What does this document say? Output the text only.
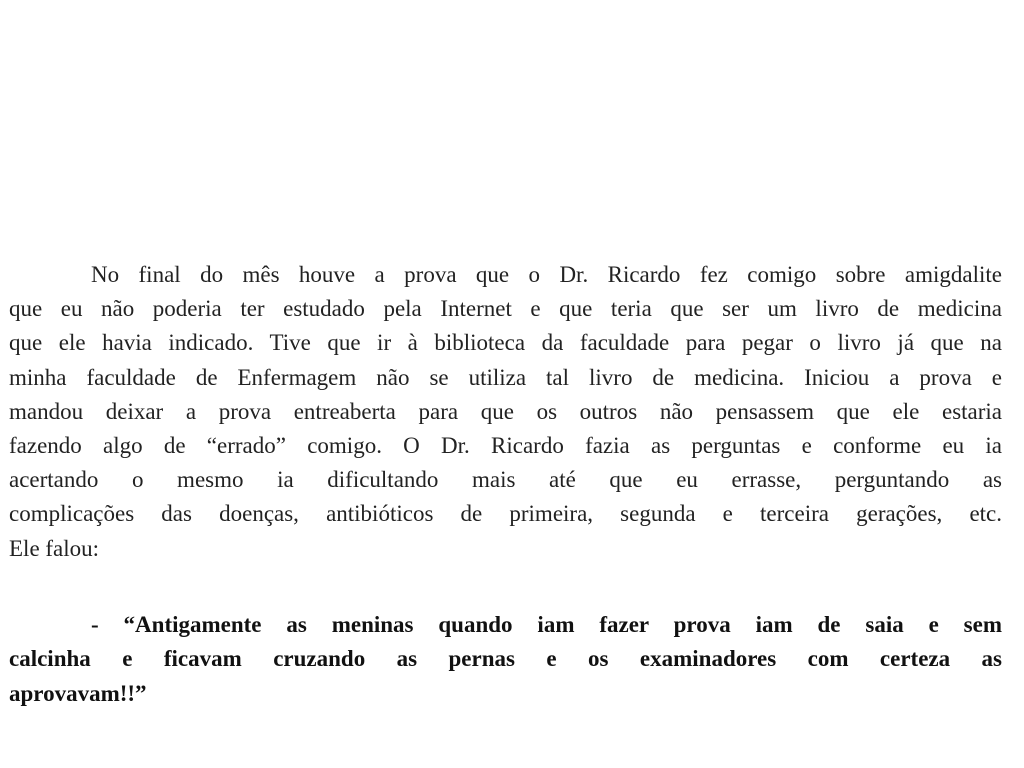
No final do mês houve a prova que o Dr. Ricardo fez comigo sobre amigdalite
que eu não poderia ter estudado pela Internet e que teria que ser um livro de medicina
que ele havia indicado. Tive que ir à biblioteca da faculdade para pegar o livro já que na
minha faculdade de Enfermagem não se utiliza tal livro de medicina. Iniciou a prova e
mandou deixar a prova entreaberta para que os outros não pensassem que ele estaria
fazendo algo de “errado” comigo. O Dr. Ricardo fazia as perguntas e conforme eu ia
acertando o mesmo ia dificultando mais até que eu errasse, perguntando as
complicações das doenças, antibióticos de primeira, segunda e terceira gerações, etc.
Ele falou:

- “Antigamente as meninas quando iam fazer prova iam de saia e sem
calcinha e ficavam cruzando as pernas e os examinadores com certeza as
aprovavam!!”
